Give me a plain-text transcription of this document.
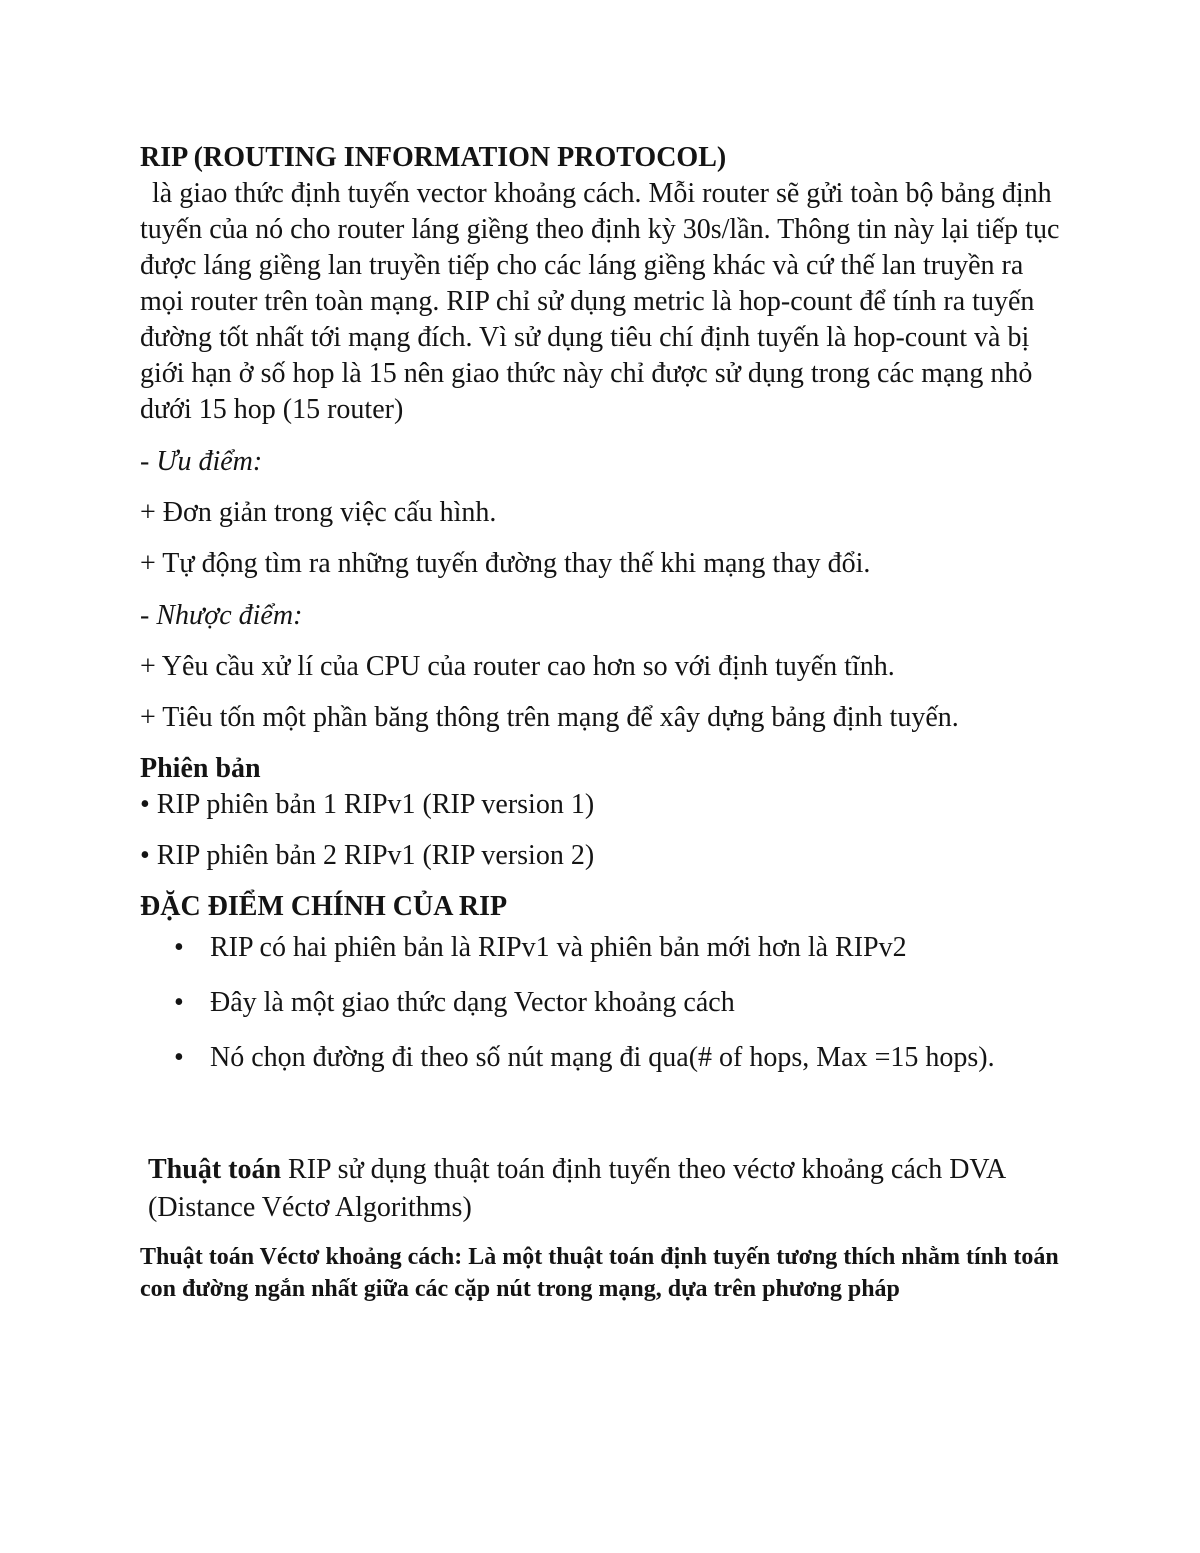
RIP (ROUTING INFORMATION PROTOCOL)

là giao thức định tuyến vector khoảng cách. Mỗi router sẽ gửi toàn bộ bảng định tuyến của nó cho router láng giềng theo định kỳ 30s/lần. Thông tin này lại tiếp tục được láng giềng lan truyền tiếp cho các láng giềng khác và cứ thế lan truyền ra mọi router trên toàn mạng. RIP chỉ sử dụng metric là hop-count để tính ra tuyến đường tốt nhất tới mạng đích. Vì sử dụng tiêu chí định tuyến là hop-count và bị giới hạn ở số hop là 15 nên giao thức này chỉ được sử dụng trong các mạng nhỏ dưới 15 hop (15 router)

- Ưu điểm:

+ Đơn giản trong việc cấu hình.

+ Tự động tìm ra những tuyến đường thay thế khi mạng thay đổi.

- Nhược điểm:

+ Yêu cầu xử lí của CPU của router cao hơn so với định tuyến tĩnh.

+ Tiêu tốn một phần băng thông trên mạng để xây dựng bảng định tuyến.

Phiên bản

• RIP phiên bản 1 RIPv1 (RIP version 1)

• RIP phiên bản 2 RIPv1 (RIP version 2)

ĐẶC ĐIỂM CHÍNH CỦA RIP

• RIP có hai phiên bản là RIPv1 và phiên bản mới hơn là RIPv2
• Đây là một giao thức dạng Vector khoảng cách
• Nó chọn đường đi theo số nút mạng đi qua(# of hops, Max =15 hops).

Thuật toán RIP sử dụng thuật toán định tuyến theo véctơ khoảng cách DVA (Distance Véctơ Algorithms)

Thuật toán Véctơ khoảng cách: Là một thuật toán định tuyến tương thích nhằm tính toán con đường ngắn nhất giữa các cặp nút trong mạng, dựa trên phương pháp
